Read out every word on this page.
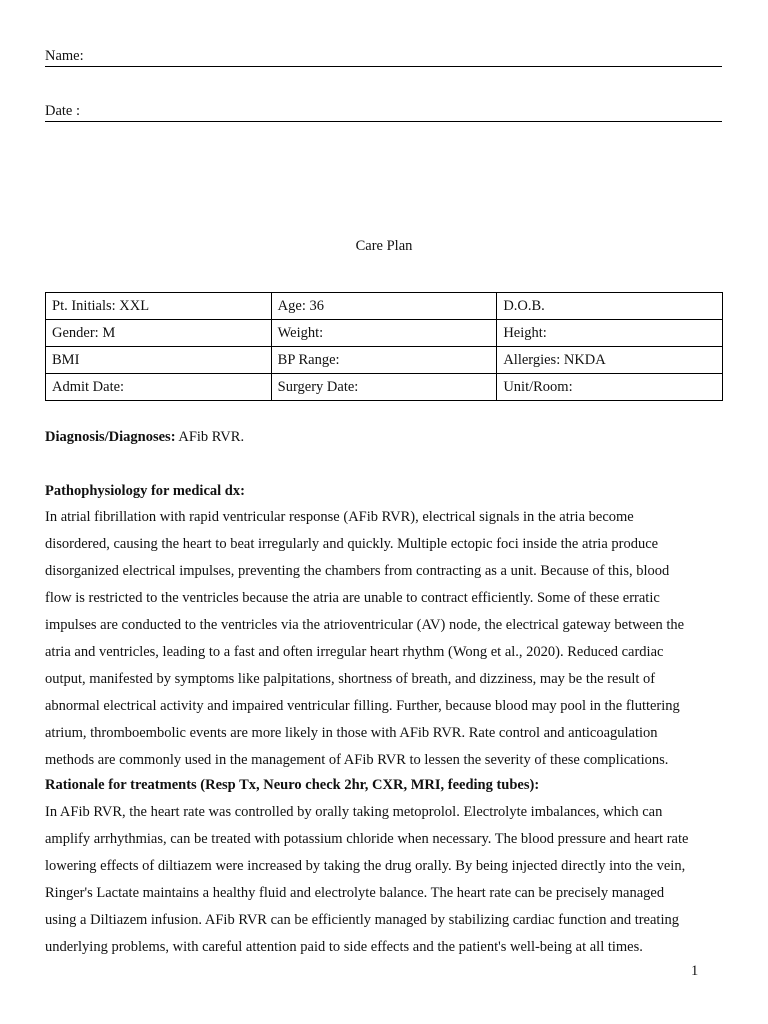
Name:
Date :
Care Plan
Pt. Initials: XXL	Age: 36	D.O.B.
Gender: M	Weight:	Height:
BMI	BP Range:	Allergies: NKDA
Admit Date:	Surgery Date:	Unit/Room:
Diagnosis/Diagnoses: AFib RVR.
Pathophysiology for medical dx:
In atrial fibrillation with rapid ventricular response (AFib RVR), electrical signals in the atria become
disordered, causing the heart to beat irregularly and quickly. Multiple ectopic foci inside the atria produce
disorganized electrical impulses, preventing the chambers from contracting as a unit. Because of this, blood
flow is restricted to the ventricles because the atria are unable to contract efficiently. Some of these erratic
impulses are conducted to the ventricles via the atrioventricular (AV) node, the electrical gateway between the
atria and ventricles, leading to a fast and often irregular heart rhythm (Wong et al., 2020). Reduced cardiac
output, manifested by symptoms like palpitations, shortness of breath, and dizziness, may be the result of
abnormal electrical activity and impaired ventricular filling. Further, because blood may pool in the fluttering
atrium, thromboembolic events are more likely in those with AFib RVR. Rate control and anticoagulation
methods are commonly used in the management of AFib RVR to lessen the severity of these complications.
Rationale for treatments (Resp Tx, Neuro check 2hr, CXR, MRI, feeding tubes):
In AFib RVR, the heart rate was controlled by orally taking metoprolol. Electrolyte imbalances, which can
amplify arrhythmias, can be treated with potassium chloride when necessary. The blood pressure and heart rate
lowering effects of diltiazem were increased by taking the drug orally. By being injected directly into the vein,
Ringer's Lactate maintains a healthy fluid and electrolyte balance. The heart rate can be precisely managed
using a Diltiazem infusion. AFib RVR can be efficiently managed by stabilizing cardiac function and treating
underlying problems, with careful attention paid to side effects and the patient's well-being at all times.
1
